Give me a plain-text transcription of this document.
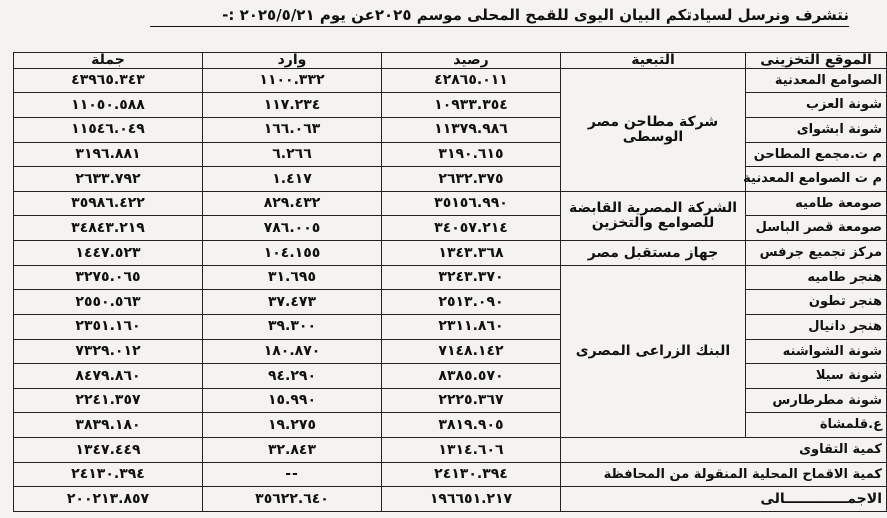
نتشرف ونرسل لسيادتكم البيان اليوى للقمح المحلى موسم ٢٠٢٥عن يوم ٢٠٢٥/٥/٢١ :-
الموقع التخزينى	التبعية	رصيد	وارد	جملة
الصوامع المعدنية	شركة مطاحن مصر الوسطى	٤٢٨٦٥.٠١١	١١٠٠.٣٣٢	٤٣٩٦٥.٣٤٣
شونة العزب		١٠٩٣٣.٣٥٤	١١٧.٢٣٤	١١٠٥٠.٥٨٨
شونة ابشواى		١١٣٧٩.٩٨٦	١٦٦.٠٦٣	١١٥٤٦.٠٤٩
م ت.مجمع المطاحن		٣١٩٠.٦١٥	٦.٢٦٦	٣١٩٦.٨٨١
م ت الصوامع المعدنية		٢٦٣٢.٣٧٥	١.٤١٧	٢٦٣٣.٧٩٢
صومعة طاميه	الشركة المصرية القابضة للصوامع والتخزين	٣٥١٥٦.٩٩٠	٨٢٩.٤٣٢	٣٥٩٨٦.٤٢٢
صومعة قصر الباسل		٣٤٠٥٧.٢١٤	٧٨٦.٠٠٥	٣٤٨٤٣.٢١٩
مركز تجميع جرفس	جهاز مستقبل مصر	١٣٤٣.٣٦٨	١٠٤.١٥٥	١٤٤٧.٥٢٣
هنجر طاميه	البنك الزراعى المصرى	٣٢٤٣.٣٧٠	٣١.٦٩٥	٣٢٧٥.٠٦٥
هنجر تطون		٢٥١٣.٠٩٠	٣٧.٤٧٣	٢٥٥٠.٥٦٣
هنجر دانيال		٢٣١١.٨٦٠	٣٩.٣٠٠	٢٣٥١.١٦٠
شونة الشواشنه		٧١٤٨.١٤٢	١٨٠.٨٧٠	٧٣٢٩.٠١٢
شونة سيلا		٨٣٨٥.٥٧٠	٩٤.٢٩٠	٨٤٧٩.٨٦٠
شونة مطرطارس		٢٢٢٥.٣٦٧	١٥.٩٩٠	٢٢٤١.٣٥٧
ع.قلمشاة		٣٨١٩.٩٠٥	١٩.٢٧٥	٣٨٣٩.١٨٠
كمية التقاوى		١٣١٤.٦٠٦	٣٢.٨٤٣	١٣٤٧.٤٤٩
كمية الاقماح المحلية المنقولة من المحافظة		٢٤١٣٠.٣٩٤	--	٢٤١٣٠.٣٩٤
الاجمـــــــــــــالى		١٩٦٦٥١.٢١٧	٣٥٦٢٢.٦٤٠	٢٠٠٢١٣.٨٥٧
